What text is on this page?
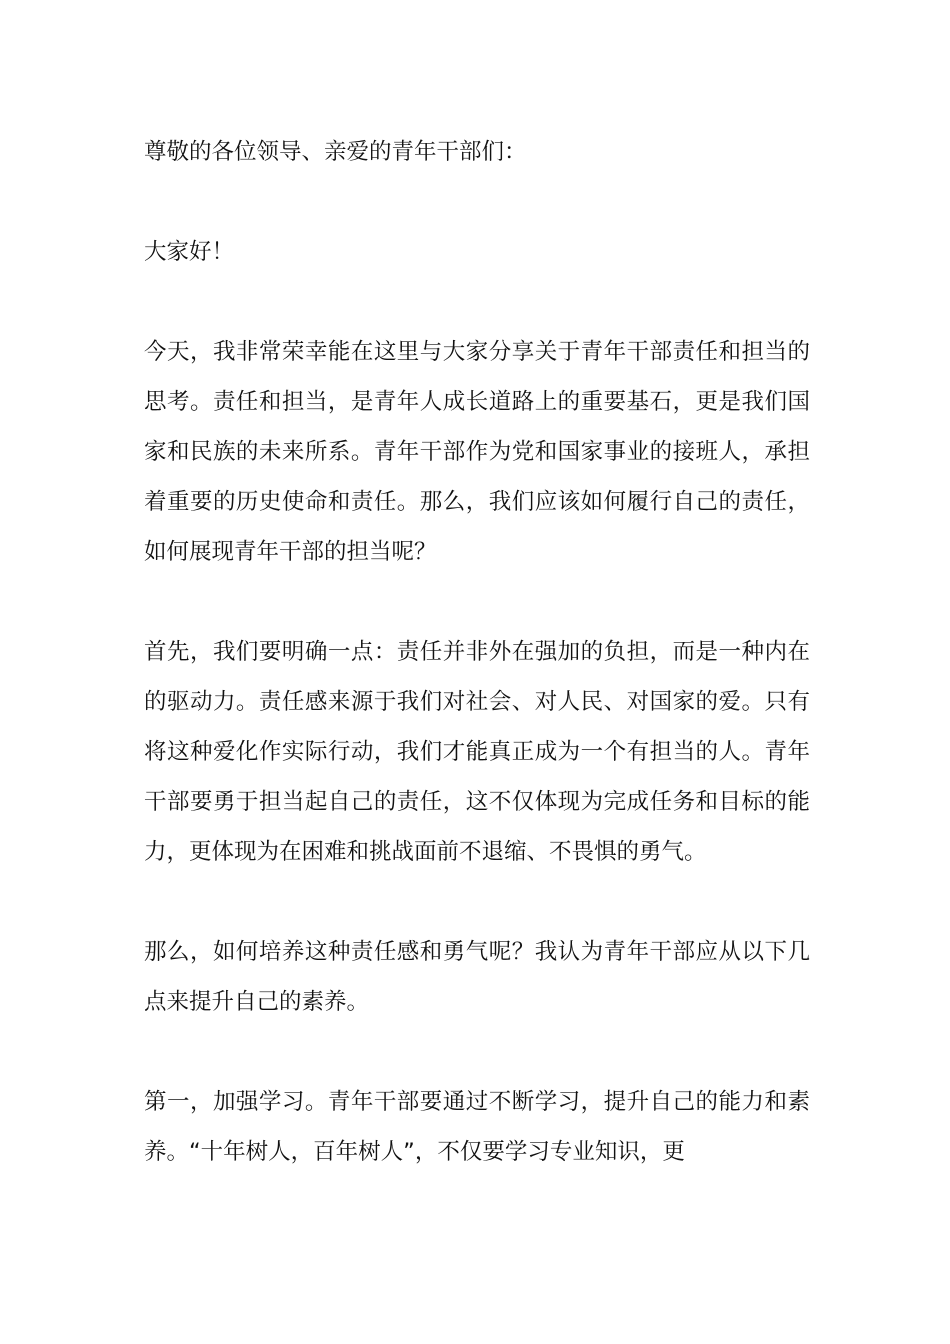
尊敬的各位领导、亲爱的青年干部们：

大家好！

今天，我非常荣幸能在这里与大家分享关于青年干部责任和担当的思考。责任和担当，是青年人成长道路上的重要基石，更是我们国家和民族的未来所系。青年干部作为党和国家事业的接班人，承担着重要的历史使命和责任。那么，我们应该如何履行自己的责任，如何展现青年干部的担当呢？

首先，我们要明确一点：责任并非外在强加的负担，而是一种内在的驱动力。责任感来源于我们对社会、对人民、对国家的爱。只有将这种爱化作实际行动，我们才能真正成为一个有担当的人。青年干部要勇于担当起自己的责任，这不仅体现为完成任务和目标的能力，更体现为在困难和挑战面前不退缩、不畏惧的勇气。

那么，如何培养这种责任感和勇气呢？我认为青年干部应从以下几点来提升自己的素养。

第一，加强学习。青年干部要通过不断学习，提升自己的能力和素养。“十年树人，百年树人”，不仅要学习专业知识，更
